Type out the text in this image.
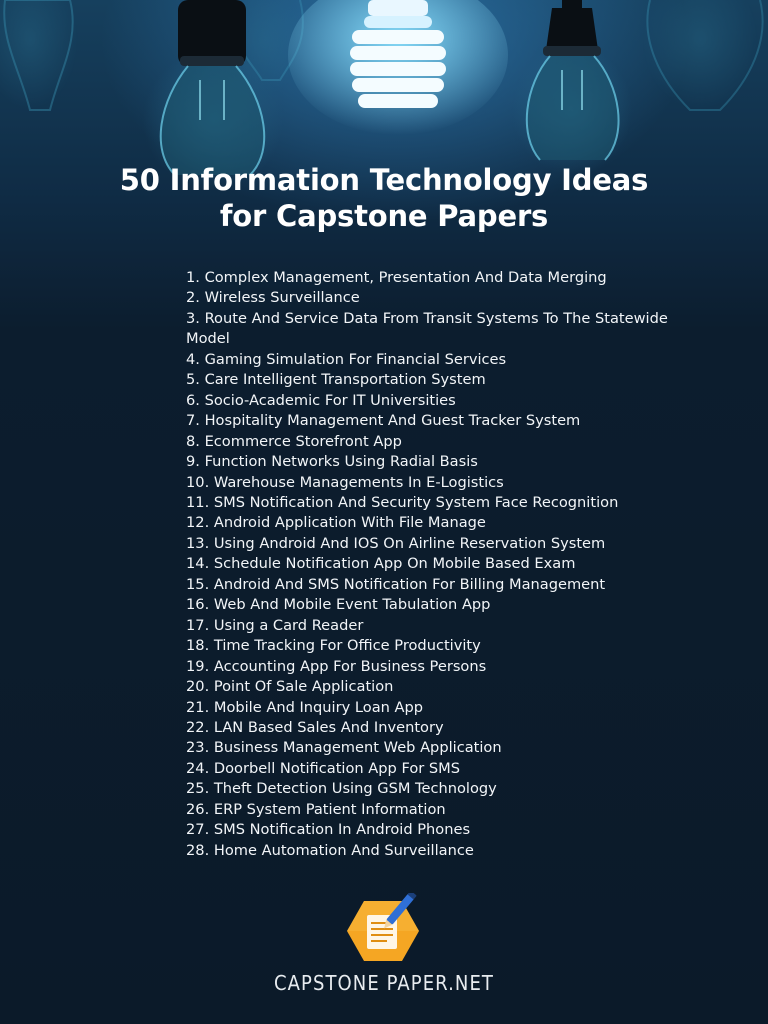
50 Information Technology Ideas
for Capstone Papers
1. Complex Management, Presentation And Data Merging
2. Wireless Surveillance
3. Route And Service Data From Transit Systems To The Statewide
Model
4. Gaming Simulation For Financial Services
5. Care Intelligent Transportation System
6. Socio-Academic For IT Universities
7. Hospitality Management And Guest Tracker System
8. Ecommerce Storefront App
9. Function Networks Using Radial Basis
10. Warehouse Managements In E-Logistics
11. SMS Notification And Security System Face Recognition
12. Android Application With File Manage
13. Using Android And IOS On Airline Reservation System
14. Schedule Notification App On Mobile Based Exam
15. Android And SMS Notification For Billing Management
16. Web And Mobile Event Tabulation App
17. Using a Card Reader
18. Time Tracking For Office Productivity
19. Accounting App For Business Persons
20. Point Of Sale Application
21. Mobile And Inquiry Loan App
22. LAN Based Sales And Inventory
23. Business Management Web Application
24. Doorbell Notification App For SMS
25. Theft Detection Using GSM Technology
26. ERP System Patient Information
27. SMS Notification In Android Phones
28. Home Automation And Surveillance
CAPSTONE PAPER.NET
